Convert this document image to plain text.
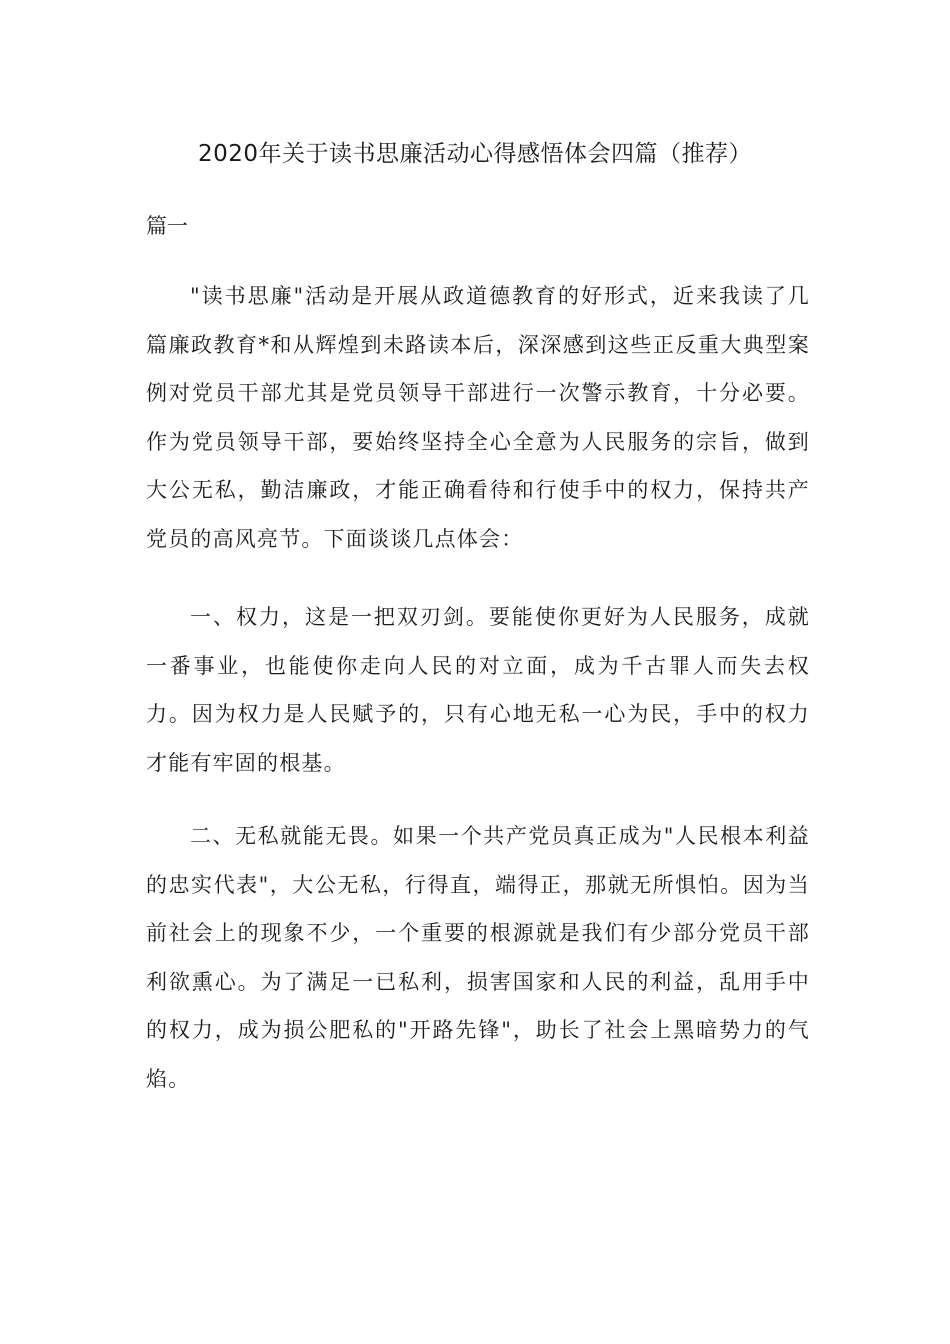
2020年关于读书思廉活动心得感悟体会四篇（推荐）

篇一

"读书思廉"活动是开展从政道德教育的好形式，近来我读了几篇廉政教育*和从辉煌到未路读本后，深深感到这些正反重大典型案例对党员干部尤其是党员领导干部进行一次警示教育，十分必要。作为党员领导干部，要始终坚持全心全意为人民服务的宗旨，做到大公无私，勤洁廉政，才能正确看待和行使手中的权力，保持共产党员的高风亮节。下面谈谈几点体会：

一、权力，这是一把双刃剑。要能使你更好为人民服务，成就一番事业，也能使你走向人民的对立面，成为千古罪人而失去权力。因为权力是人民赋予的，只有心地无私一心为民，手中的权力才能有牢固的根基。

二、无私就能无畏。如果一个共产党员真正成为"人民根本利益的忠实代表"，大公无私，行得直，端得正，那就无所惧怕。因为当前社会上的现象不少，一个重要的根源就是我们有少部分党员干部利欲熏心。为了满足一已私利，损害国家和人民的利益，乱用手中的权力，成为损公肥私的"开路先锋"，助长了社会上黑暗势力的气焰。
